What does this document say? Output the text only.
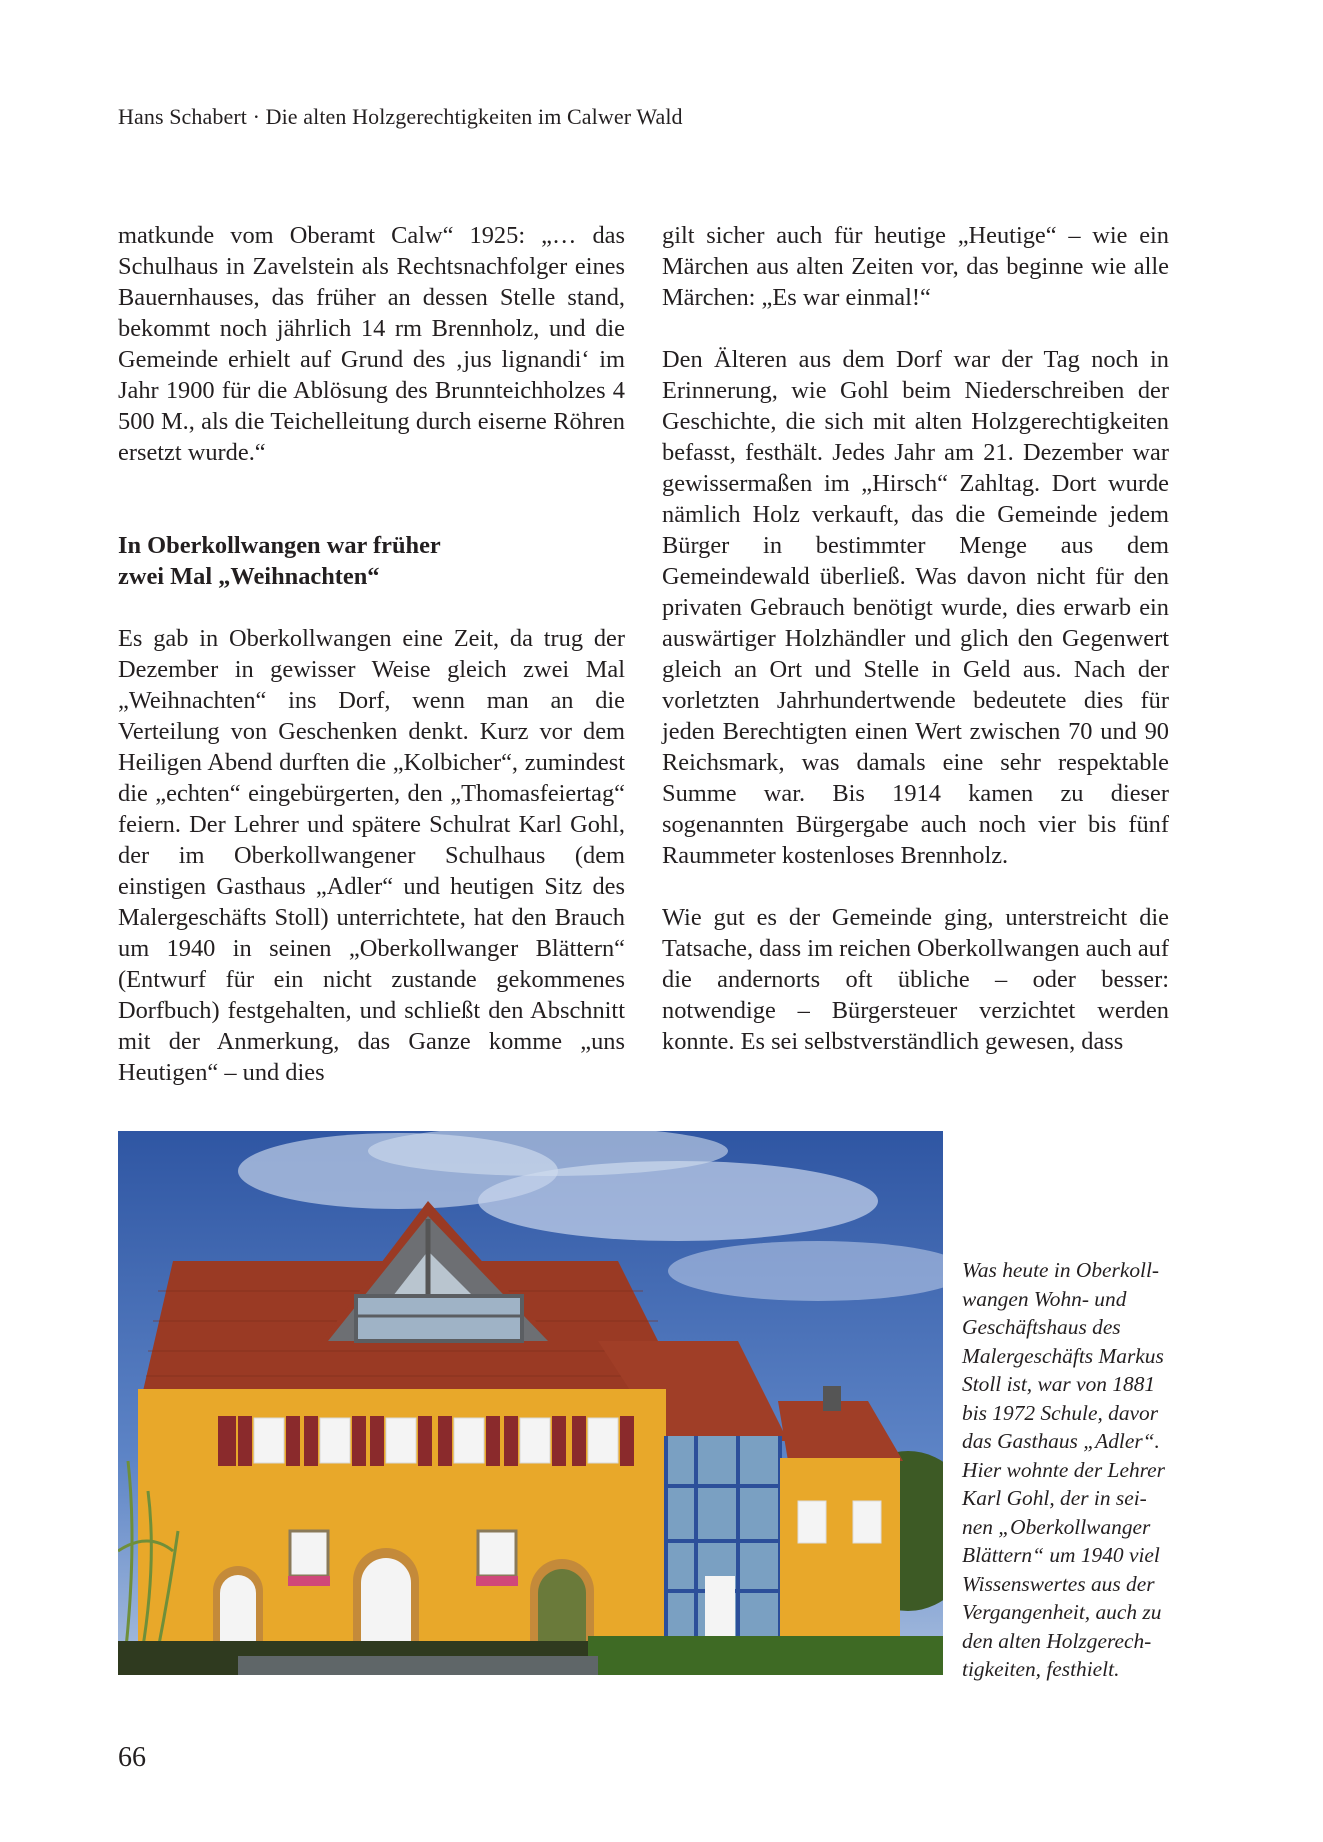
Hans Schabert · Die alten Holzgerechtigkeiten im Calwer Wald

matkunde vom Oberamt Calw“ 1925: „… das Schulhaus in Zavelstein als Rechtsnachfolger eines Bauernhauses, das früher an dessen Stelle stand, bekommt noch jährlich 14 rm Brennholz, und die Gemeinde erhielt auf Grund des ‚jus lignandi‘ im Jahr 1900 für die Ablösung des Brunnteichholzes 4 500 M., als die Teichelleitung durch eiserne Röhren ersetzt wurde.“

In Oberkollwangen war früher
zwei Mal „Weihnachten“

Es gab in Oberkollwangen eine Zeit, da trug der Dezember in gewisser Weise gleich zwei Mal „Weihnachten“ ins Dorf, wenn man an die Verteilung von Geschenken denkt. Kurz vor dem Heiligen Abend durften die „Kolbicher“, zumindest die „echten“ eingebürgerten, den „Thomasfeiertag“ feiern. Der Lehrer und spätere Schulrat Karl Gohl, der im Oberkollwangener Schulhaus (dem einstigen Gasthaus „Adler“ und heutigen Sitz des Malergeschäfts Stoll) unterrichtete, hat den Brauch um 1940 in seinen „Oberkollwanger Blättern“ (Entwurf für ein nicht zustande gekommenes Dorfbuch) festgehalten, und schließt den Abschnitt mit der Anmerkung, das Ganze komme „uns Heutigen“ – und dies

gilt sicher auch für heutige „Heutige“ – wie ein Märchen aus alten Zeiten vor, das beginne wie alle Märchen: „Es war einmal!“

Den Älteren aus dem Dorf war der Tag noch in Erinnerung, wie Gohl beim Niederschreiben der Geschichte, die sich mit alten Holzgerechtigkeiten befasst, festhält. Jedes Jahr am 21. Dezember war gewissermaßen im „Hirsch“ Zahltag. Dort wurde nämlich Holz verkauft, das die Gemeinde jedem Bürger in bestimmter Menge aus dem Gemeindewald überließ. Was davon nicht für den privaten Gebrauch benötigt wurde, dies erwarb ein auswärtiger Holzhändler und glich den Gegenwert gleich an Ort und Stelle in Geld aus. Nach der vorletzten Jahrhundertwende bedeutete dies für jeden Berechtigten einen Wert zwischen 70 und 90 Reichsmark, was damals eine sehr respektable Summe war. Bis 1914 kamen zu dieser sogenannten Bürgergabe auch noch vier bis fünf Raummeter kostenloses Brennholz.

Wie gut es der Gemeinde ging, unterstreicht die Tatsache, dass im reichen Oberkollwangen auch auf die andernorts oft übliche – oder besser: notwendige – Bürgersteuer verzichtet werden konnte. Es sei selbstverständlich gewesen, dass

Was heute in Oberkoll-
wangen Wohn- und
Geschäftshaus des
Malergeschäfts Markus
Stoll ist, war von 1881
bis 1972 Schule, davor
das Gasthaus „Adler“.
Hier wohnte der Lehrer
Karl Gohl, der in sei-
nen „Oberkollwanger
Blättern“ um 1940 viel
Wissenswertes aus der
Vergangenheit, auch zu
den alten Holzgerech-
tigkeiten, festhielt.
66
